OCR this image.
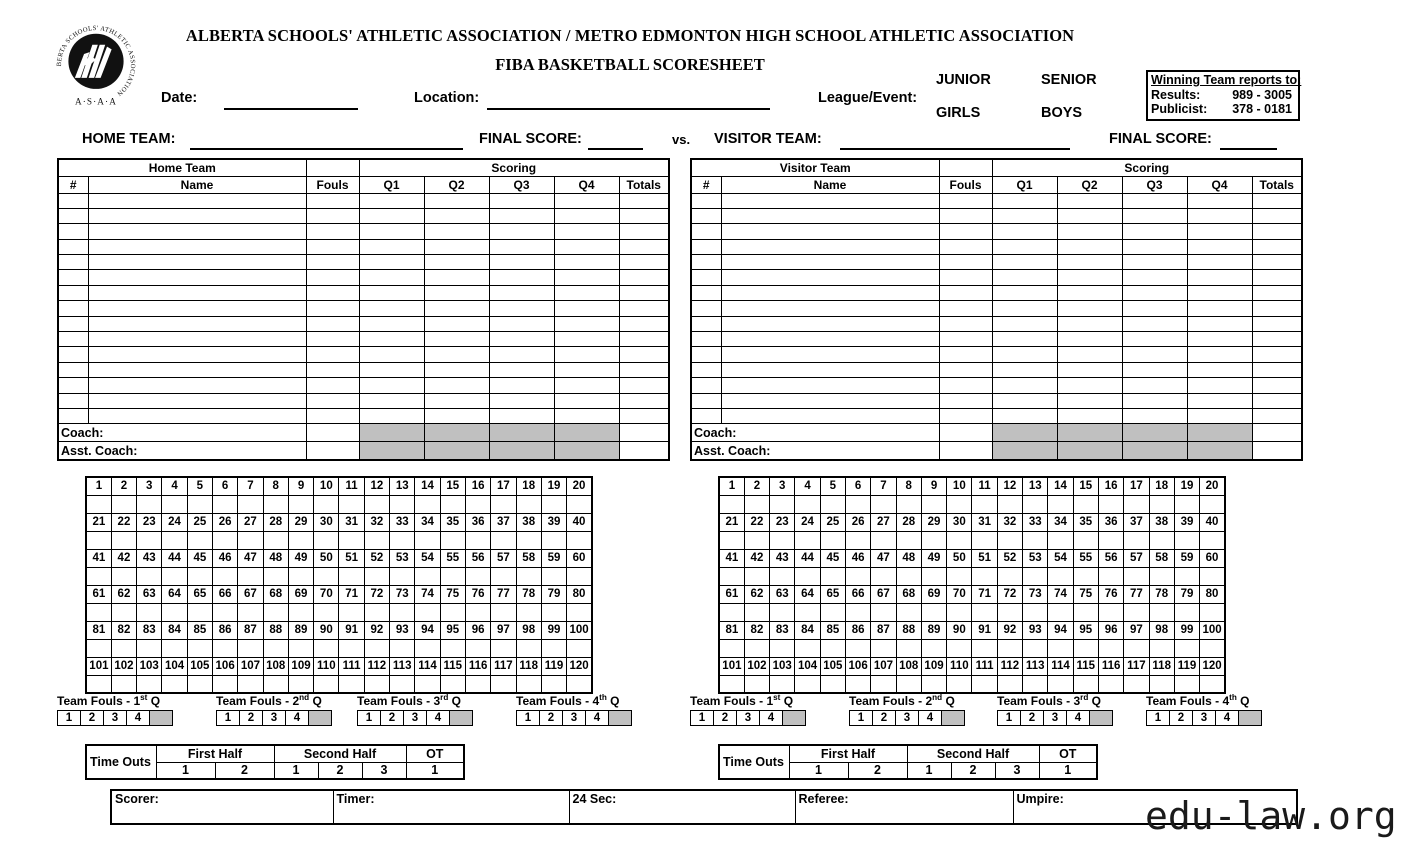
BERTA SCHOOLS' ATHLETIC ASSOCIATION
A·S·A·A
ALBERTA SCHOOLS' ATHLETIC ASSOCIATION / METRO EDMONTON HIGH SCHOOL ATHLETIC ASSOCIATION
FIBA BASKETBALL SCORESHEET
Date:	Location:	League/Event:
JUNIOR	SENIOR
GIRLS	BOYS
Winning Team reports to:
Results:	989 - 3005
Publicist: 378 - 0181
HOME TEAM:	FINAL SCORE:	vs. VISITOR TEAM:	FINAL SCORE:
Home Team			Scoring				
#	Name	Fouls	Q1	Q2	Q3	Q4	Totals

Coach:							
Asst. Coach:							
Visitor Team			Scoring				
#	Name	Fouls	Q1	Q2	Q3	Q4	Totals

Coach:							
Asst. Coach:							
1	2	3	4	5	6	7	8	9	10	11	12	13	14	15	16	17	18	19	20

21	22	23	24	25	26	27	28	29	30	31	32	33	34	35	36	37	38	39	40

41	42	43	44	45	46	47	48	49	50	51	52	53	54	55	56	57	58	59	60

61	62	63	64	65	66	67	68	69	70	71	72	73	74	75	76	77	78	79	80

81	82	83	84	85	86	87	88	89	90	91	92	93	94	95	96	97	98	99	100

101	102	103	104	105	106	107	108	109	110	111	112	113	114	115	116	117	118	119	120

1	2	3	4	5	6	7	8	9	10	11	12	13	14	15	16	17	18	19	20

21	22	23	24	25	26	27	28	29	30	31	32	33	34	35	36	37	38	39	40

41	42	43	44	45	46	47	48	49	50	51	52	53	54	55	56	57	58	59	60

61	62	63	64	65	66	67	68	69	70	71	72	73	74	75	76	77	78	79	80

81	82	83	84	85	86	87	88	89	90	91	92	93	94	95	96	97	98	99	100

101	102	103	104	105	106	107	108	109	110	111	112	113	114	115	116	117	118	119	120

Team Fouls - 1st Q
1	2	3	4
Team Fouls - 2nd Q
1	2	3	4
Team Fouls - 3rd Q
1	2	3	4
Team Fouls - 4th Q
1	2	3	4
Team Fouls - 1st Q
1	2	3	4
Team Fouls - 2nd Q
1	2	3	4
Team Fouls - 3rd Q
1	2	3	4
Team Fouls - 4th Q
1	2	3	4
Time Outs	First Half		Second Half			OT
	1	2	1	2	3	1
Time Outs	First Half		Second Half			OT
	1	2	1	2	3	1
Scorer:	Timer:	24 Sec:	Referee:	Umpire: edu-law.org
